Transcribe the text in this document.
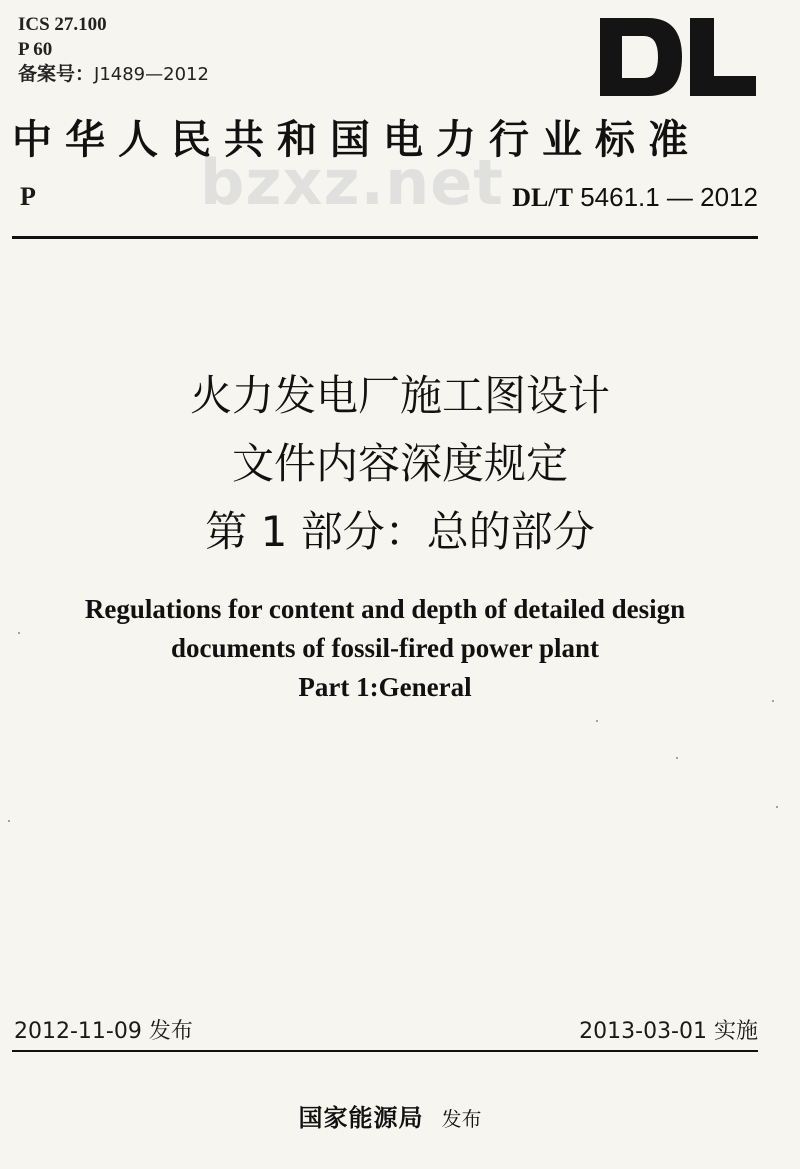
ICS 27.100
P 60
备案号：J1489—2012
中华人民共和国电力行业标准
bzxz.net
P	DL/T 5461.1 — 2012
火力发电厂施工图设计
文件内容深度规定
第 1 部分：总的部分
Regulations for content and depth of detailed design
documents of fossil-fired power plant
Part 1:General
2012-11-09 发布	2013-03-01 实施
国家能源局 发布
